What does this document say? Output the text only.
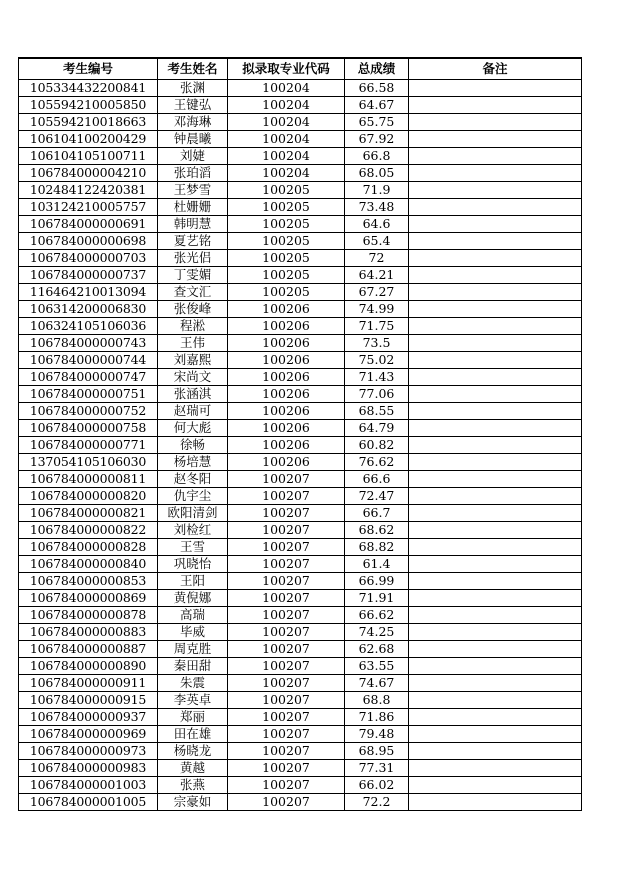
考生编号	考生姓名	拟录取专业代码	总成绩	备注
105334432200841	张渊	100204	66.58	
105594210005850	王键弘	100204	64.67	
105594210018663	邓海琳	100204	65.75	
106104100200429	钟晨曦	100204	67.92	
106104105100711	刘婕	100204	66.8	
106784000004210	张珀滔	100204	68.05	
102484122420381	王梦雪	100205	71.9	
103124210005757	杜姗姗	100205	73.48	
106784000000691	韩明慧	100205	64.6	
106784000000698	夏艺铭	100205	65.4	
106784000000703	张光侣	100205	72	
106784000000737	丁雯媚	100205	64.21	
116464210013094	查文汇	100205	67.27	
106314200006830	张俊峰	100206	74.99	
106324105106036	程淞	100206	71.75	
106784000000743	王伟	100206	73.5	
106784000000744	刘嘉熙	100206	75.02	
106784000000747	宋尚文	100206	71.43	
106784000000751	张涵淇	100206	77.06	
106784000000752	赵瑞可	100206	68.55	
106784000000758	何大彪	100206	64.79	
106784000000771	徐畅	100206	60.82	
137054105106030	杨培慧	100206	76.62	
106784000000811	赵冬阳	100207	66.6	
106784000000820	仇宇尘	100207	72.47	
106784000000821	欧阳清剑	100207	66.7	
106784000000822	刘检红	100207	68.62	
106784000000828	王雪	100207	68.82	
106784000000840	巩晓怡	100207	61.4	
106784000000853	王阳	100207	66.99	
106784000000869	黄倪娜	100207	71.91	
106784000000878	高瑞	100207	66.62	
106784000000883	毕威	100207	74.25	
106784000000887	周克胜	100207	62.68	
106784000000890	秦田甜	100207	63.55	
106784000000911	朱震	100207	74.67	
106784000000915	李英卓	100207	68.8	
106784000000937	郑丽	100207	71.86	
106784000000969	田在雄	100207	79.48	
106784000000973	杨晓龙	100207	68.95	
106784000000983	黄越	100207	77.31	
106784000001003	张燕	100207	66.02	
106784000001005	宗豪如	100207	72.2	
